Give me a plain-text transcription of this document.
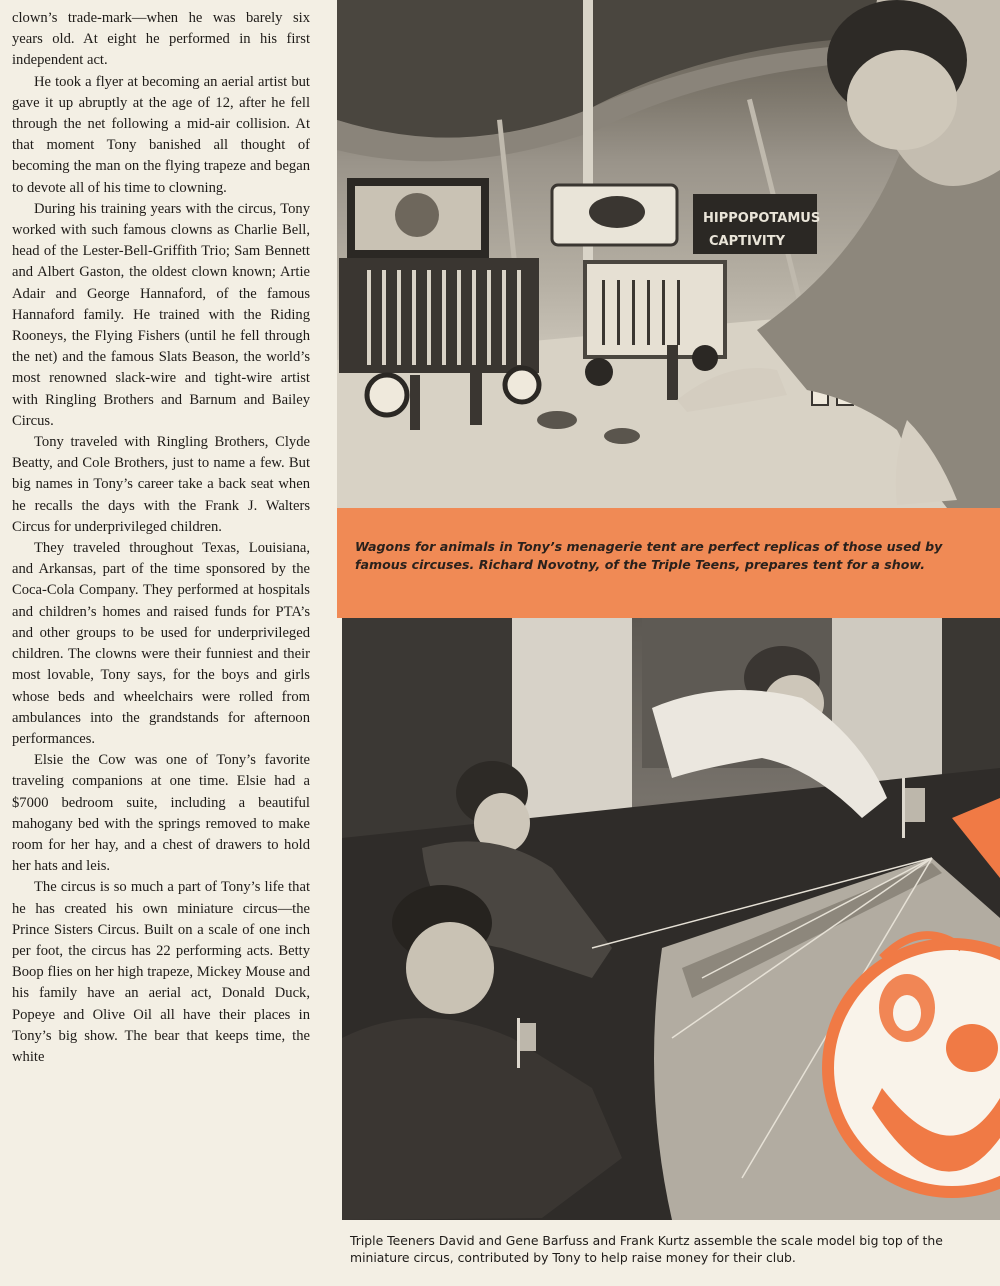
clown’s trade-mark—when he was barely six years old. At eight he performed in his first independent act.

He took a flyer at becoming an aerial artist but gave it up abruptly at the age of 12, after he fell through the net following a mid-air collision. At that moment Tony banished all thought of becoming the man on the flying trapeze and began to devote all of his time to clowning.

During his training years with the circus, Tony worked with such famous clowns as Charlie Bell, head of the Lester-Bell-Griffith Trio; Sam Bennett and Albert Gaston, the oldest clown known; Artie Adair and George Hannaford, of the famous Hannaford family. He trained with the Riding Rooneys, the Flying Fishers (until he fell through the net) and the famous Slats Beason, the world’s most renowned slack-wire and tight-wire artist with Ringling Brothers and Barnum and Bailey Circus.

Tony traveled with Ringling Brothers, Clyde Beatty, and Cole Brothers, just to name a few. But big names in Tony’s career take a back seat when he recalls the days with the Frank J. Walters Circus for underprivileged children.

They traveled throughout Texas, Louisiana, and Arkansas, part of the time sponsored by the Coca-Cola Company. They performed at hospitals and children’s homes and raised funds for PTA’s and other groups to be used for underprivileged children. The clowns were their funniest and their most lovable, Tony says, for the boys and girls whose beds and wheelchairs were rolled from ambulances into the grandstands for afternoon performances.

Elsie the Cow was one of Tony’s favorite traveling companions at one time. Elsie had a $7000 bedroom suite, including a beautiful mahogany bed with the springs removed to make room for her hay, and a chest of drawers to hold her hats and leis.

The circus is so much a part of Tony’s life that he has created his own miniature circus—the Prince Sisters Circus. Built on a scale of one inch per foot, the circus has 22 performing acts. Betty Boop flies on her high trapeze, Mickey Mouse and his family have an aerial act, Donald Duck, Popeye and Olive Oil all have their places in Tony’s big show. The bear that keeps time, the white

HIPPOPOTAMUS
CAPTIVITY
Wagons for animals in Tony’s menagerie tent are perfect replicas of those used by famous circuses. Richard Novotny, of the Triple Teens, prepares tent for a show.
Triple Teeners David and Gene Barfuss and Frank Kurtz assemble the scale model big top of the miniature circus, contributed by Tony to help raise money for their club.
